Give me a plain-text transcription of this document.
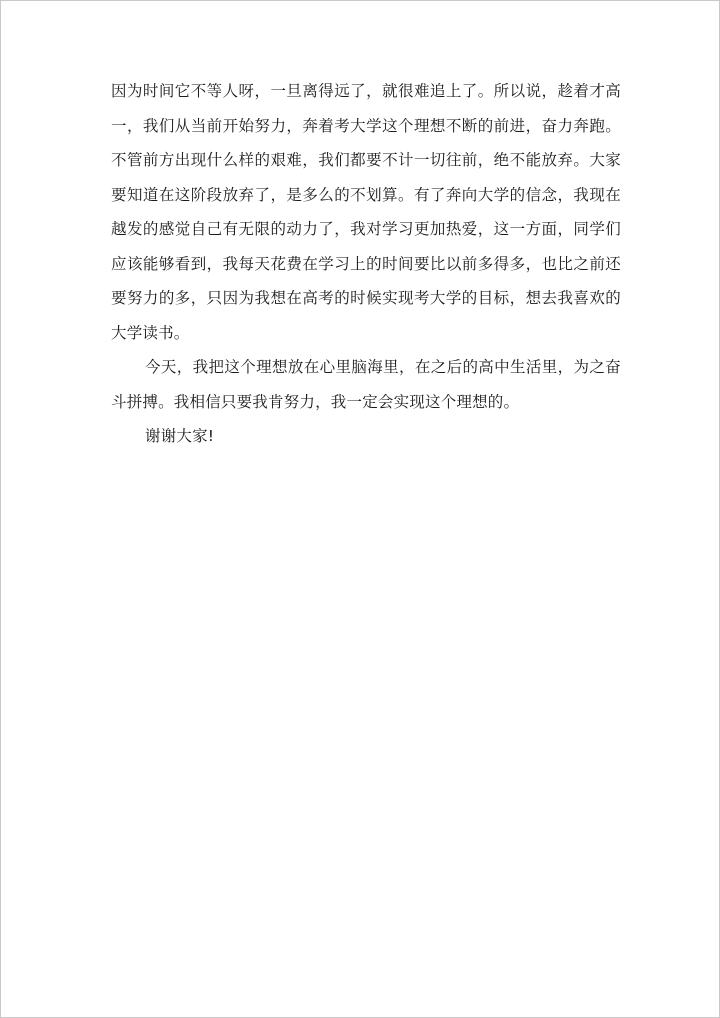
因为时间它不等人呀，一旦离得远了，就很难追上了。所以说，趁着才高一，我们从当前开始努力，奔着考大学这个理想不断的前进，奋力奔跑。不管前方出现什么样的艰难，我们都要不计一切往前，绝不能放弃。大家要知道在这阶段放弃了，是多么的不划算。有了奔向大学的信念，我现在越发的感觉自己有无限的动力了，我对学习更加热爱，这一方面，同学们应该能够看到，我每天花费在学习上的时间要比以前多得多，也比之前还要努力的多，只因为我想在高考的时候实现考大学的目标，想去我喜欢的大学读书。

今天，我把这个理想放在心里脑海里，在之后的高中生活里，为之奋斗拼搏。我相信只要我肯努力，我一定会实现这个理想的。

谢谢大家!
